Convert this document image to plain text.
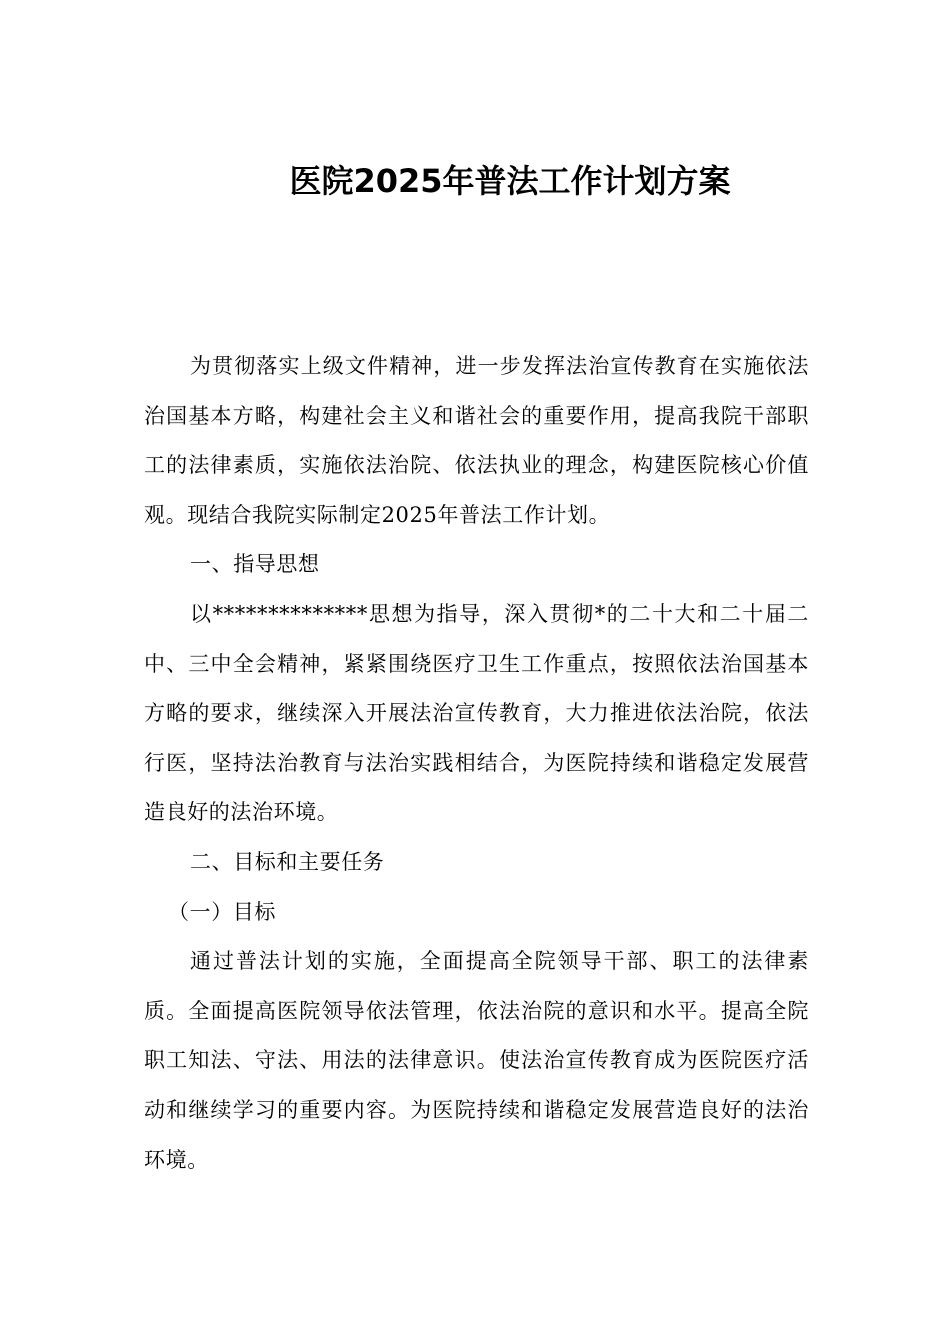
医院2025年普法工作计划方案

为贯彻落实上级文件精神，进一步发挥法治宣传教育在实施依法治国基本方略，构建社会主义和谐社会的重要作用，提高我院干部职工的法律素质，实施依法治院、依法执业的理念，构建医院核心价值观。现结合我院实际制定2025年普法工作计划。

一、指导思想

以**************思想为指导，深入贯彻*的二十大和二十届二中、三中全会精神，紧紧围绕医疗卫生工作重点，按照依法治国基本方略的要求，继续深入开展法治宣传教育，大力推进依法治院，依法行医，坚持法治教育与法治实践相结合，为医院持续和谐稳定发展营造良好的法治环境。

二、目标和主要任务

（一）目标

通过普法计划的实施，全面提高全院领导干部、职工的法律素质。全面提高医院领导依法管理，依法治院的意识和水平。提高全院职工知法、守法、用法的法律意识。使法治宣传教育成为医院医疗活动和继续学习的重要内容。为医院持续和谐稳定发展营造良好的法治环境。
